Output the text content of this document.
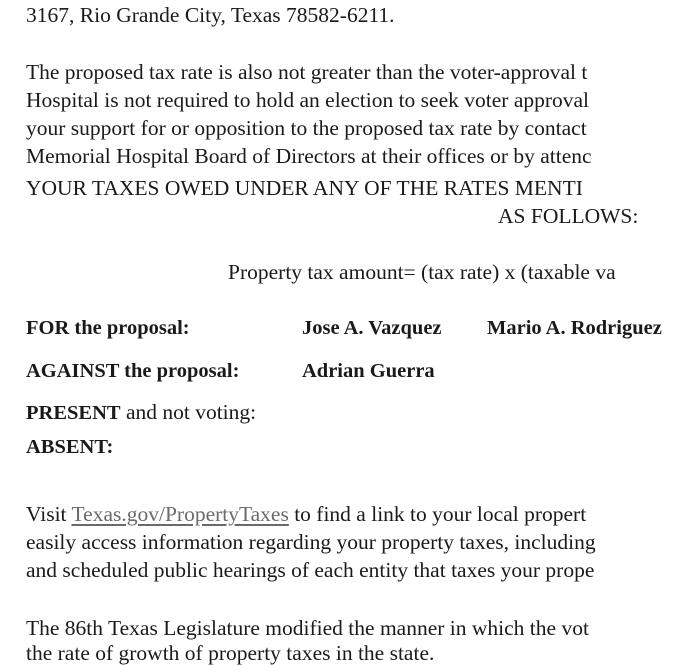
3167, Rio Grande City, Texas 78582-6211.
The proposed tax rate is also not greater than the voter-approval t
Hospital is not required to hold an election to seek voter approval
your support for or opposition to the proposed tax rate by contact
Memorial Hospital Board of Directors at their offices or by attenc
YOUR TAXES OWED UNDER ANY OF THE RATES MENTI
AS FOLLOWS:
Property tax amount= (tax rate) x (taxable va
FOR the proposal:	Jose A. Vazquez Mario A. Rodriguez
AGAINST the proposal:	Adrian Guerra
PRESENT and not voting:
ABSENT:
Visit Texas.gov/PropertyTaxes to find a link to your local propert
easily access information regarding your property taxes, including
and scheduled public hearings of each entity that taxes your prope
The 86th Texas Legislature modified the manner in which the vot
the rate of growth of property taxes in the state.
